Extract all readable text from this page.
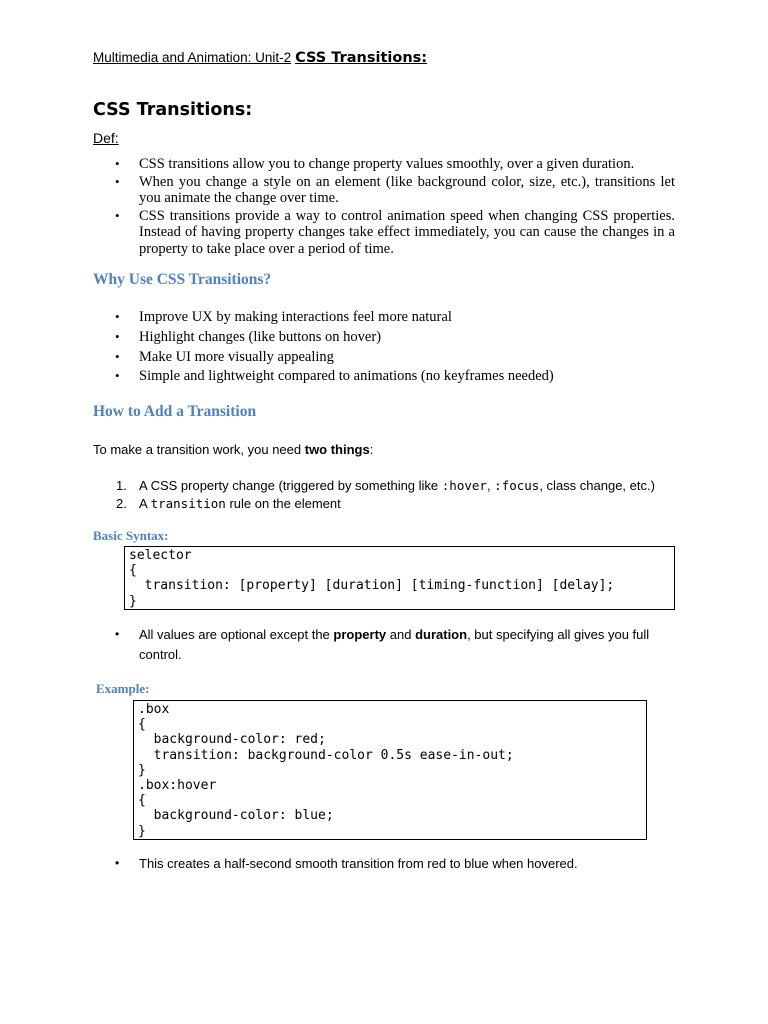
Multimedia and Animation: Unit-2 CSS Transitions:
CSS Transitions:
Def:
• CSS transitions allow you to change property values smoothly, over a given duration.
• When you change a style on an element (like background color, size, etc.), transitions let you animate the change over time.
• CSS transitions provide a way to control animation speed when changing CSS properties. Instead of having property changes take effect immediately, you can cause the changes in a property to take place over a period of time.
Why Use CSS Transitions?
• Improve UX by making interactions feel more natural
• Highlight changes (like buttons on hover)
• Make UI more visually appealing
• Simple and lightweight compared to animations (no keyframes needed)
How to Add a Transition
To make a transition work, you need two things:
1. A CSS property change (triggered by something like :hover, :focus, class change, etc.)
2. A transition rule on the element
Basic Syntax:
selector
{
transition: [property] [duration] [timing-function] [delay];
}
• All values are optional except the property and duration, but specifying all gives you full control.
Example:
.box
{
background-color: red;
transition: background-color 0.5s ease-in-out;
}
.box:hover
{
background-color: blue;
}
• This creates a half-second smooth transition from red to blue when hovered.
